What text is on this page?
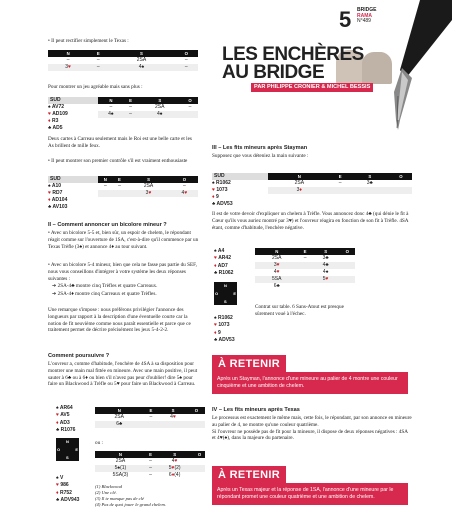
5 BRIDGE
RAMA
N°489
LES ENCHÈRES
AU BRIDGE
PAR PHILIPPE CRONIER & MICHEL BESSIS
• Il peut rectifier simplement le Texas :
N	E	S	O
–	–	2SA	–
3♥	–	4♠	–
Pour montrer un jeu agréable mais sans plus :
SUD
♠ AV72
♥ AD109
♦ R3
♣ AD5
N	E	S	O
–	–	2SA	–
4♠	–	4♠	
Deux cartes à Carreau seulement mais le Roi est une belle carte et les As brillent de mille feux.
• Il peut montrer son premier contrôle s'il est vraiment enthousiaste
SUD
♠ A10
♥ RD7
♦ AD104
♣ AV103
N	E	S	O
–	–	2SA	–
		3♥	4♥
II – Comment annoncer un bicolore mineur ?
• Avec un bicolore 5-5 et, bien sûr, un espoir de chelem, le répondant réagit comme sur l'ouverture de 1SA, c'est-à-dire qu'il commence par un Texas Trèfle (3♠) et annonce 4♦ au tour suivant.
• Avec un bicolore 5-4 mineur, bien que cela ne fasse pas partie du SEF, nous vous conseillons d'intégrer à votre système les deux réponses suivantes :
➔ 2SA-4♣ montre cinq Trèfles et quatre Carreaux.
➔ 2SA-4♦ montre cinq Carreaux et quatre Trèfles.
Une remarque s'impose : nous préférons privilégier l'annonce des longueurs par rapport à la description d'une éventuelle courte car la notion de fit neuvième comme nous paraît essentielle et parce que ce traitement permet de décrire précisément les jeux 5-4-2-2.
Comment poursuivre ?
L'ouvreur a, comme d'habitude, l'enchère de 4SA à sa disposition pour montrer une main mal fittée en mineure. Avec une main positive, il peut sauter à 6♣ ou à 6♦ ou bien s'il n'avez pas peur d'oublier! dire 5♠ pour faire un Blackwood à Trèfle ou 5♥ pour faire un Blackwood à Carreau.
♠ AR64
♥ AV5
♦ AD3
♣ R1076
N
O	E
S
♠ V
♥ 986
♦ R752
♣ ADV943
N	E	S	O
2SA	–	4♥	
6♣			
ou :
N	E	S	O
2SA	–	4♥	
5♠(1)	–	5♥(2)	
5SA(3)	–	6♦(4)	
(1) Blackwood
(2) Une clé.
(3) Il te manque pas de clé
(4) Pas de quoi jouer le grand chelem.
III – Les fits mineurs après Stayman
Supposez que vous déteniez la main suivante :
SUD
♠ R1062
♥ 1073
♦ 9
♣ ADV53
N	E	S	O
2SA	–	3♣	
3♦			
Il est de votre devoir d'expliquer un chelem à Trèfle. Vous annoncez donc 4♣ (qui dénie le fit à Cœur qu'ils vous auriez montré par 3♥) et l'ouvreur réagira en fonction de son fit à Trèfle. 4SA étant, comme d'habitude, l'enchère négative.
♠ A4
♥ AR42
♦ AD7
♣ R1062
N
O	E
S
♠ R1062
♥ 1073
♦ 9
♣ ADV53
N	E	S	O
2SA	–	3♣	
3♥		4♣	
4♥		4♠	
5SA		5♥	
6♣			
Contrat sur table. 6 Sans-Atout est presque sûrement voué à l'échec.
À RETENIR
Après un Stayman, l'annonce d'une mineure au palier de 4 montre une couleur cinquième et une ambition de chelem.
IV – Les fits mineurs après Texas
Le processus est exactement le même mais, cette fois, le répondant, par son annonce en mineure au palier de 4, ne montre qu'une couleur quatrième.
Si l'ouvreur ne possède pas de fit pour la mineure, il dispose de deux réponses négatives : 4SA et 4♥(♠), dans la majeure du partenaire.
À RETENIR
Après un Texas majeur et la réponse de 1SA, l'annonce d'une mineure par le répondant promet une couleur quatrième et une ambition de chelem.
